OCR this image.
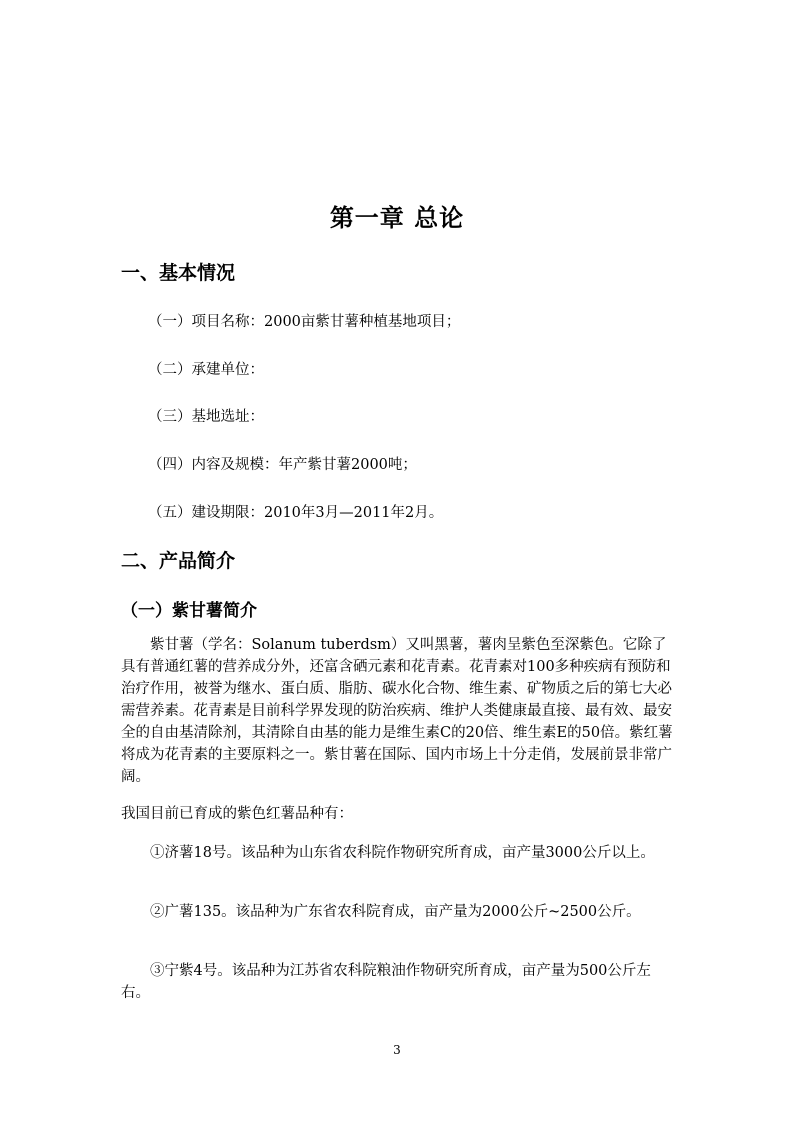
第一章 总论
一、基本情况
（一）项目名称：2000亩紫甘薯种植基地项目；
（二）承建单位：
（三）基地选址：
（四）内容及规模：年产紫甘薯2000吨；
（五）建设期限：2010年3月—2011年2月。
二、产品简介
（一）紫甘薯简介
紫甘薯（学名：Solanum tuberdsm）又叫黑薯，薯肉呈紫色至深紫色。它除了具有普通红薯的营养成分外，还富含硒元素和花青素。花青素对100多种疾病有预防和治疗作用，被誉为继水、蛋白质、脂肪、碳水化合物、维生素、矿物质之后的第七大必需营养素。花青素是目前科学界发现的防治疾病、维护人类健康最直接、最有效、最安全的自由基清除剂，其清除自由基的能力是维生素C的20倍、维生素E的50倍。紫红薯将成为花青素的主要原料之一。紫甘薯在国际、国内市场上十分走俏，发展前景非常广阔。
我国目前已育成的紫色红薯品种有：
①济薯18号。该品种为山东省农科院作物研究所育成，亩产量3000公斤以上。
②广薯135。该品种为广东省农科院育成，亩产量为2000公斤~2500公斤。
③宁紫4号。该品种为江苏省农科院粮油作物研究所育成，亩产量为500公斤左右。
3
